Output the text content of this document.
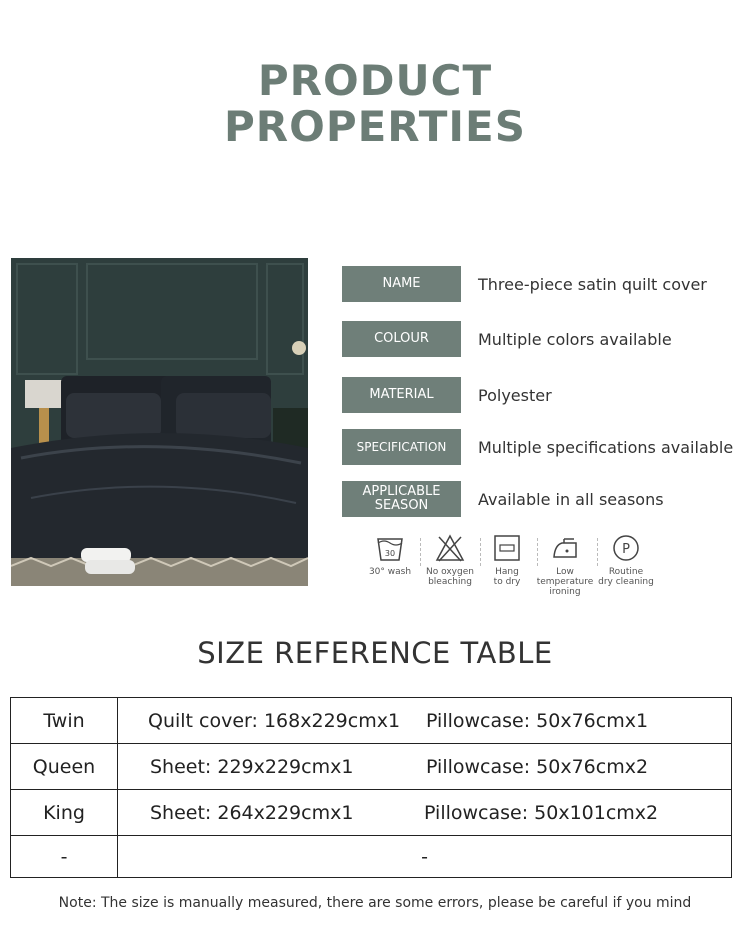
PRODUCT
PROPERTIES
NAME	Three-piece satin quilt cover
COLOUR	Multiple colors available
MATERIAL	Polyester
SPECIFICATION	Multiple specifications available
APPLICABLE
SEASON	Available in all seasons
30
30° wash	No oxygen
bleaching
Hang
to dry
Low
temperature
ironing
P
Routine
dry cleaning
SIZE REFERENCE TABLE
Twin	Quilt cover: 168x229cmx1 Pillowcase: 50x76cmx1

Queen	Sheet: 229x229cmx1 Pillowcase: 50x76cmx2

King	Sheet: 264x229cmx1 Pillowcase: 50x101cmx2

-	-
Note: The size is manually measured, there are some errors, please be careful if you mind
